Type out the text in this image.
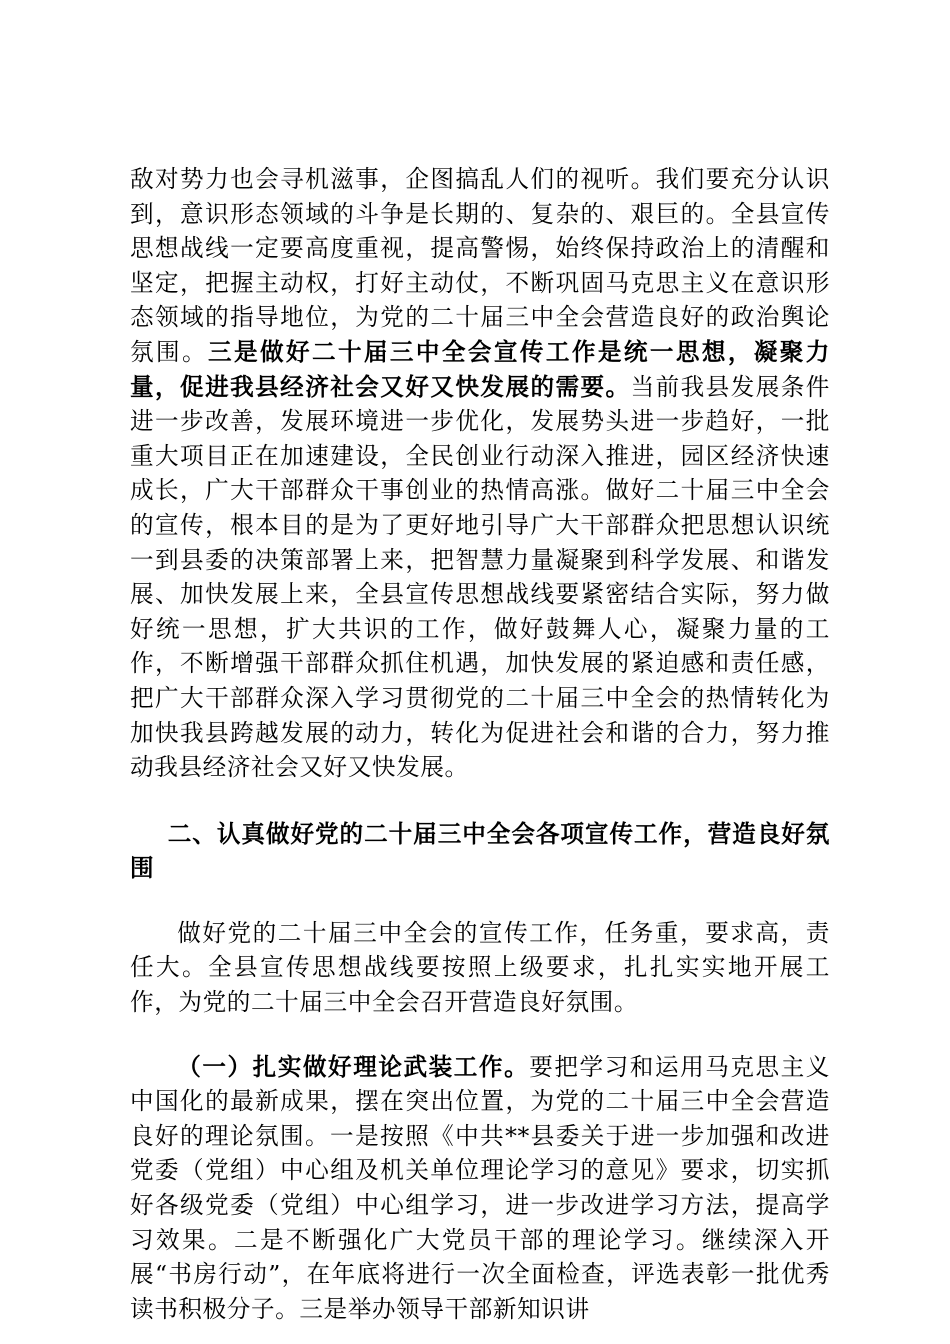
敌对势力也会寻机滋事，企图搞乱人们的视听。我们要充分认识到，意识形态领域的斗争是长期的、复杂的、艰巨的。全县宣传思想战线一定要高度重视，提高警惕，始终保持政治上的清醒和坚定，把握主动权，打好主动仗，不断巩固马克思主义在意识形态领域的指导地位，为党的二十届三中全会营造良好的政治舆论氛围。三是做好二十届三中全会宣传工作是统一思想，凝聚力量，促进我县经济社会又好又快发展的需要。当前我县发展条件进一步改善，发展环境进一步优化，发展势头进一步趋好，一批重大项目正在加速建设，全民创业行动深入推进，园区经济快速成长，广大干部群众干事创业的热情高涨。做好二十届三中全会的宣传，根本目的是为了更好地引导广大干部群众把思想认识统一到县委的决策部署上来，把智慧力量凝聚到科学发展、和谐发展、加快发展上来，全县宣传思想战线要紧密结合实际，努力做好统一思想，扩大共识的工作，做好鼓舞人心，凝聚力量的工作，不断增强干部群众抓住机遇，加快发展的紧迫感和责任感，把广大干部群众深入学习贯彻党的二十届三中全会的热情转化为加快我县跨越发展的动力，转化为促进社会和谐的合力，努力推动我县经济社会又好又快发展。

二、认真做好党的二十届三中全会各项宣传工作，营造良好氛围

做好党的二十届三中全会的宣传工作，任务重，要求高，责任大。全县宣传思想战线要按照上级要求，扎扎实实地开展工作，为党的二十届三中全会召开营造良好氛围。

（一）扎实做好理论武装工作。要把学习和运用马克思主义中国化的最新成果，摆在突出位置，为党的二十届三中全会营造良好的理论氛围。一是按照《中共**县委关于进一步加强和改进党委（党组）中心组及机关单位理论学习的意见》要求，切实抓好各级党委（党组）中心组学习，进一步改进学习方法，提高学习效果。二是不断强化广大党员干部的理论学习。继续深入开展“书房行动”，在年底将进行一次全面检查，评选表彰一批优秀读书积极分子。三是举办领导干部新知识讲
